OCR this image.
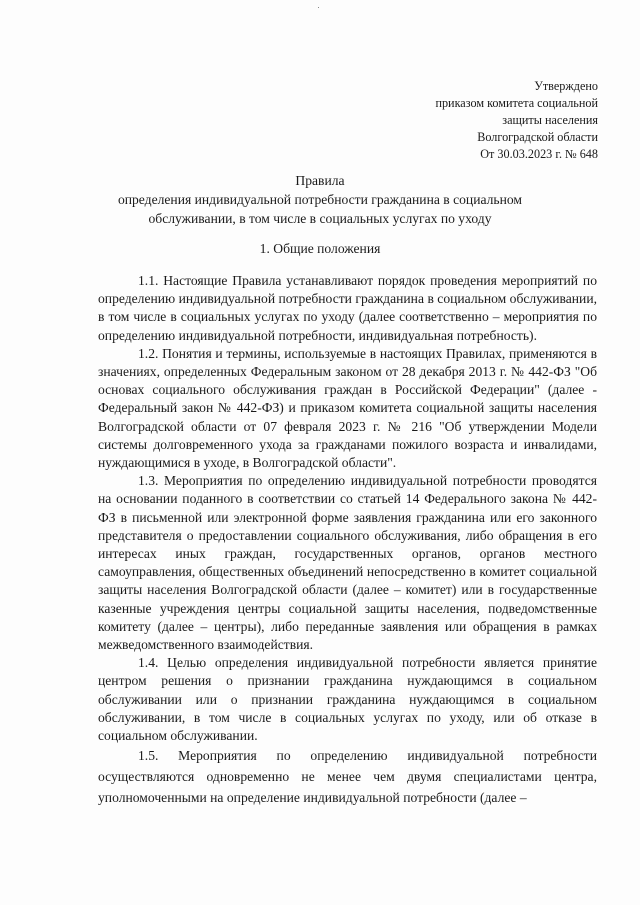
Утверждено
приказом комитета социальной
защиты населения
Волгоградской области
От 30.03.2023 г. № 648
Правила
определения индивидуальной потребности гражданина в социальном
обслуживании, в том числе в социальных услугах по уходу
1. Общие положения

1.1. Настоящие Правила устанавливают порядок проведения мероприятий по определению индивидуальной потребности гражданина в социальном обслуживании, в том числе в социальных услугах по уходу (далее соответственно – мероприятия по определению индивидуальной потребности, индивидуальная потребность).

1.2. Понятия и термины, используемые в настоящих Правилах, применяются в значениях, определенных Федеральным законом от 28 декабря 2013 г. № 442-ФЗ "Об основах социального обслуживания граждан в Российской Федерации" (далее - Федеральный закон № 442-ФЗ) и приказом комитета социальной защиты населения Волгоградской области от 07 февраля 2023 г. № 216 "Об утверждении Модели системы долговременного ухода за гражданами пожилого возраста и инвалидами, нуждающимися в уходе, в Волгоградской области".

1.3. Мероприятия по определению индивидуальной потребности проводятся на основании поданного в соответствии со статьей 14 Федерального закона № 442-ФЗ в письменной или электронной форме заявления гражданина или его законного представителя о предоставлении социального обслуживания, либо обращения в его интересах иных граждан, государственных органов, органов местного самоуправления, общественных объединений непосредственно в комитет социальной защиты населения Волгоградской области (далее – комитет) или в государственные казенные учреждения центры социальной защиты населения, подведомственные комитету (далее – центры), либо переданные заявления или обращения в рамках межведомственного взаимодействия.

1.4. Целью определения индивидуальной потребности является принятие центром решения о признании гражданина нуждающимся в социальном обслуживании или о признании гражданина нуждающимся в социальном обслуживании, в том числе в социальных услугах по уходу, или об отказе в социальном обслуживании.

1.5. Мероприятия по определению индивидуальной потребности осуществляются одновременно не менее чем двумя специалистами центра, уполномоченными на определение индивидуальной потребности (далее –
